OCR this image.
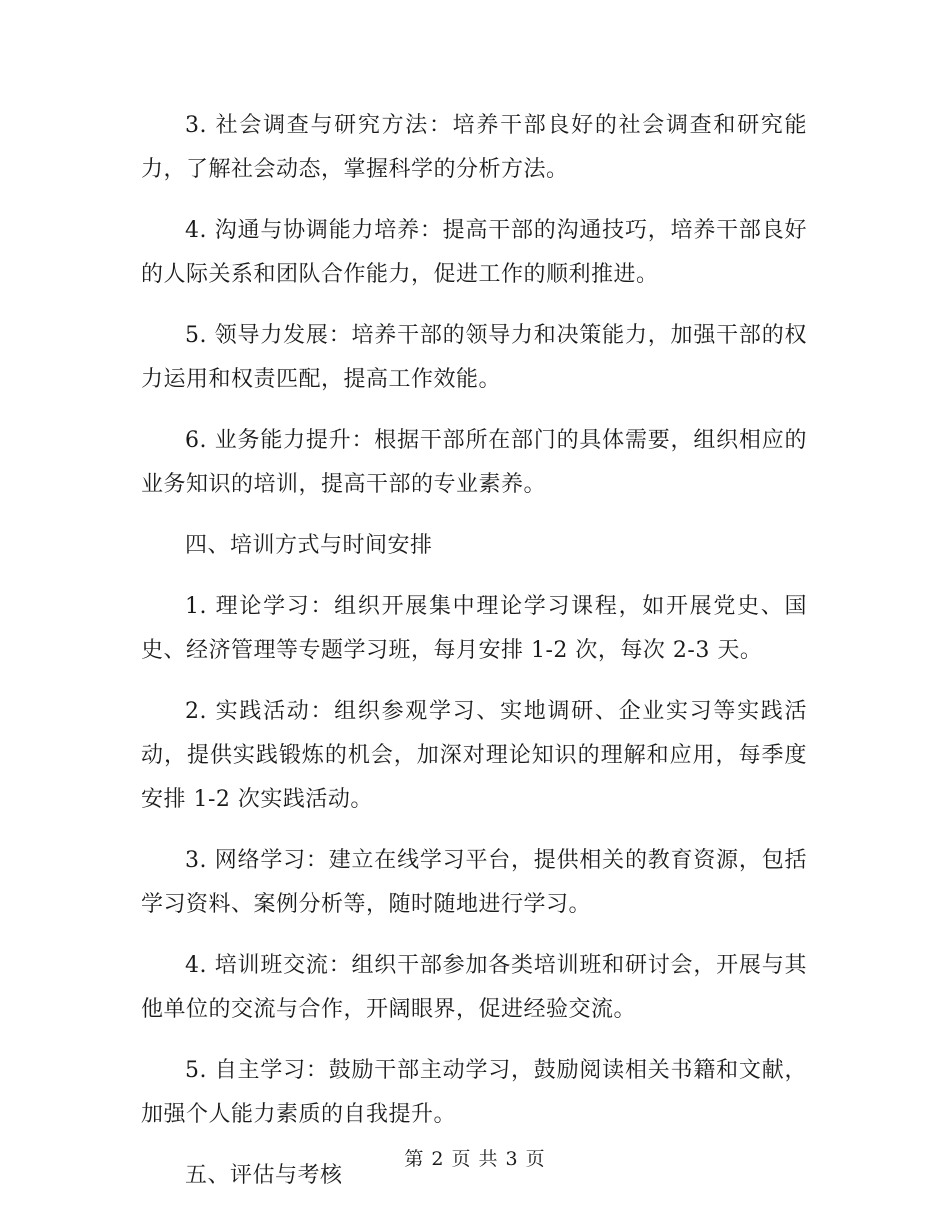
3. 社会调查与研究方法：培养干部良好的社会调查和研究能力，了解社会动态，掌握科学的分析方法。

4. 沟通与协调能力培养：提高干部的沟通技巧，培养干部良好的人际关系和团队合作能力，促进工作的顺利推进。

5. 领导力发展：培养干部的领导力和决策能力，加强干部的权力运用和权责匹配，提高工作效能。

6. 业务能力提升：根据干部所在部门的具体需要，组织相应的业务知识的培训，提高干部的专业素养。

四、培训方式与时间安排

1. 理论学习：组织开展集中理论学习课程，如开展党史、国史、经济管理等专题学习班，每月安排 1-2 次，每次 2-3 天。

2. 实践活动：组织参观学习、实地调研、企业实习等实践活动，提供实践锻炼的机会，加深对理论知识的理解和应用，每季度安排 1-2 次实践活动。

3. 网络学习：建立在线学习平台，提供相关的教育资源，包括学习资料、案例分析等，随时随地进行学习。

4. 培训班交流：组织干部参加各类培训班和研讨会，开展与其他单位的交流与合作，开阔眼界，促进经验交流。

5. 自主学习：鼓励干部主动学习，鼓励阅读相关书籍和文献，加强个人能力素质的自我提升。

五、评估与考核

第 2 页 共 3 页
